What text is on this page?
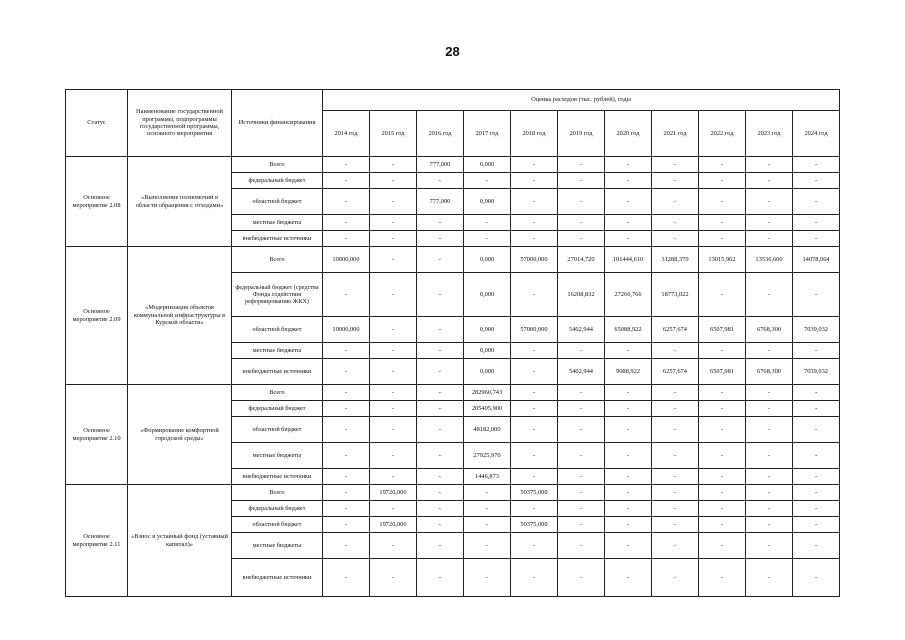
28
Статус	Наименование государственной программы, подпрограммы государственной программы, основного мероприятия	Источники финансирования	Оценка расходов (тыс. рублей), годы										
			2014 год	2015 год	2016 год	2017 год	2018 год	2019 год	2020 год	2021 год	2022 год	2023 год	2024 год
Основное мероприятие 2.08	«Выполнение полномочий в области обращения с отходами»	Всего	-	-	777,000	0,000	-	-	-	-	-	-	-
		федеральный бюджет	-	-	-	-	-	-	-	-	-	-	-
		областной бюджет	-	-	777,000	0,000	-	-	-	-	-	-	-
		местные бюджеты	-	-	-	-	-	-	-	-	-	-	-
		внебюджетные источники	-	-	-	-	-	-	-	-	-	-	-
Основное мероприятие 2.09	«Модернизация объектов коммунальной инфраструктуры в Курской области»	Всего	10000,000	-	-	0,000	57000,000	27014,720	101444,610	31288,370	13015,962	13536,600	14078,064
		федеральный бюджет (средства Фонда содействия реформированию ЖКХ)	-	-	-	0,000	-	16208,832	27266,766	18773,022	-	-	-
		областной бюджет	10000,000	-	-	0,000	57000,000	5402,944	65088,922	6257,674	6507,981	6768,300	7039,032
		местные бюджеты	-	-	-	0,000	-	-	-	-	-	-	-
		внебюджетные источники	-	-	-	0,000	-	5402,944	9088,922	6257,674	6507,981	6768,300	7039,032
Основное мероприятие 2.10	«Формирование комфортной городской среды»	Всего	-	-	-	282960,743	-	-	-	-	-	-	-
		федеральный бюджет	-	-	-	205405,900	-	-	-	-	-	-	-
		областной бюджет	-	-	-	48182,000	-	-	-	-	-	-	-
		местные бюджеты	-	-	-	27925,970	-	-	-	-	-	-	-
		внебюджетные источники	-	-	-	1446,873	-	-	-	-	-	-	-
Основное мероприятие 2.11	«Взнос в уставный фонд (уставный капитал)»	Всего	-	19720,000	-	-	50375,000	-	-	-	-	-	-
		федеральный бюджет	-	-	-	-	-	-	-	-	-	-	-
		областной бюджет	-	19720,000	-	-	50375,000	-	-	-	-	-	-
		местные бюджеты	-	-	-	-	-	-	-	-	-	-	-
		внебюджетные источники	-	-	-	-	-	-	-	-	-	-	-
